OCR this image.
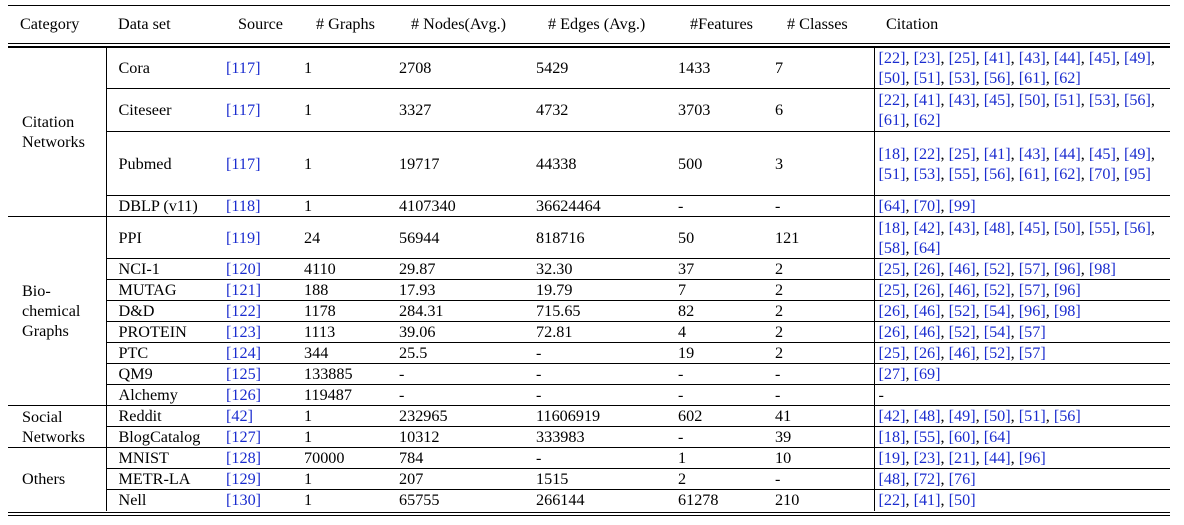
Category	Data set	Source	# Graphs	# Nodes(Avg.)	# Edges (Avg.)	#Features	# Classes	Citation
Citation Networks	Cora	[117]	1	2708	5429	1433	7	[22], [23], [25], [41], [43], [44], [45], [49], [50], [51], [53], [56], [61], [62]
	Citeseer	[117]	1	3327	4732	3703	6	[22], [41], [43], [45], [50], [51], [53], [56], [61], [62]
	Pubmed	[117]	1	19717	44338	500	3	[18], [22], [25], [41], [43], [44], [45], [49], [51], [53], [55], [56], [61], [62], [70], [95]
	DBLP (v11)	[118]	1	4107340	36624464	-	-	[64], [70], [99]
Bio-chemical Graphs	PPI	[119]	24	56944	818716	50	121	[18], [42], [43], [48], [45], [50], [55], [56], [58], [64]
	NCI-1	[120]	4110	29.87	32.30	37	2	[25], [26], [46], [52], [57], [96], [98]
	MUTAG	[121]	188	17.93	19.79	7	2	[25], [26], [46], [52], [57], [96]
	D&D	[122]	1178	284.31	715.65	82	2	[26], [46], [52], [54], [96], [98]
	PROTEIN	[123]	1113	39.06	72.81	4	2	[26], [46], [52], [54], [57]
	PTC	[124]	344	25.5	-	19	2	[25], [26], [46], [52], [57]
	QM9	[125]	133885	-	-	-	-	[27], [69]
	Alchemy	[126]	119487	-	-	-	-	-
Social Networks	Reddit	[42]	1	232965	11606919	602	41	[42], [48], [49], [50], [51], [56]
	BlogCatalog	[127]	1	10312	333983	-	39	[18], [55], [60], [64]
Others	MNIST	[128]	70000	784	-	1	10	[19], [23], [21], [44], [96]
	METR-LA	[129]	1	207	1515	2	-	[48], [72], [76]
	Nell	[130]	1	65755	266144	61278	210	[22], [41], [50]
